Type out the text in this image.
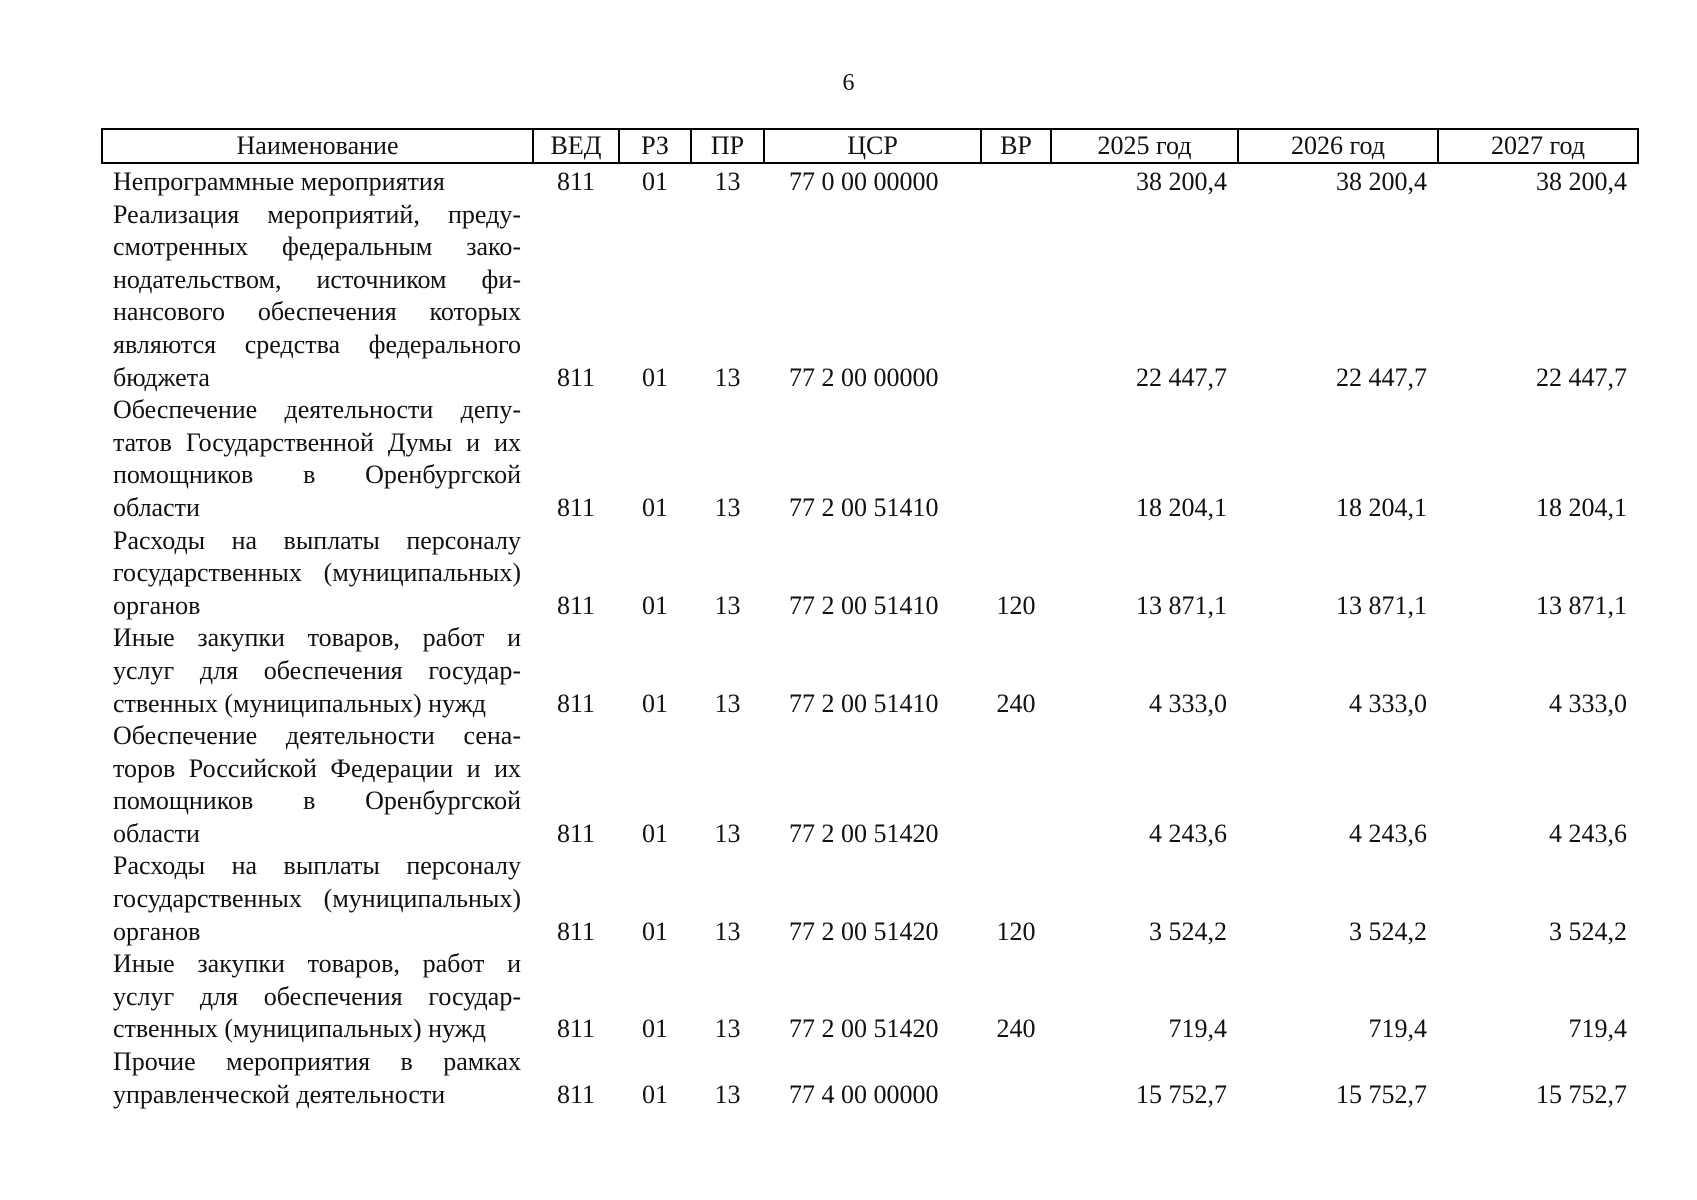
6
Наименование	ВЕД	РЗ	ПР	ЦСР	ВР	2025 год	2026 год	2027 год
Непрограммные мероприятия	811	01	13	77 0 00 00000		38 200,4	38 200,4	38 200,4
Реализация мероприятий, предусмотренных федеральным законодательством, источником финансового обеспечения которых являются средства федерального бюджета	811	01	13	77 2 00 00000		22 447,7	22 447,7	22 447,7
Обеспечение деятельности депутатов Государственной Думы и их помощников в Оренбургской области	811	01	13	77 2 00 51410		18 204,1	18 204,1	18 204,1
Расходы на выплаты персоналу государственных (муниципальных) органов	811	01	13	77 2 00 51410	120	13 871,1	13 871,1	13 871,1
Иные закупки товаров, работ и услуг для обеспечения государственных (муниципальных) нужд	811	01	13	77 2 00 51410	240	4 333,0	4 333,0	4 333,0
Обеспечение деятельности сенаторов Российской Федерации и их помощников в Оренбургской области	811	01	13	77 2 00 51420		4 243,6	4 243,6	4 243,6
Расходы на выплаты персоналу государственных (муниципальных) органов	811	01	13	77 2 00 51420	120	3 524,2	3 524,2	3 524,2
Иные закупки товаров, работ и услуг для обеспечения государственных (муниципальных) нужд	811	01	13	77 2 00 51420	240	719,4	719,4	719,4
Прочие мероприятия в рамках управленческой деятельности	811	01	13	77 4 00 00000		15 752,7	15 752,7	15 752,7
